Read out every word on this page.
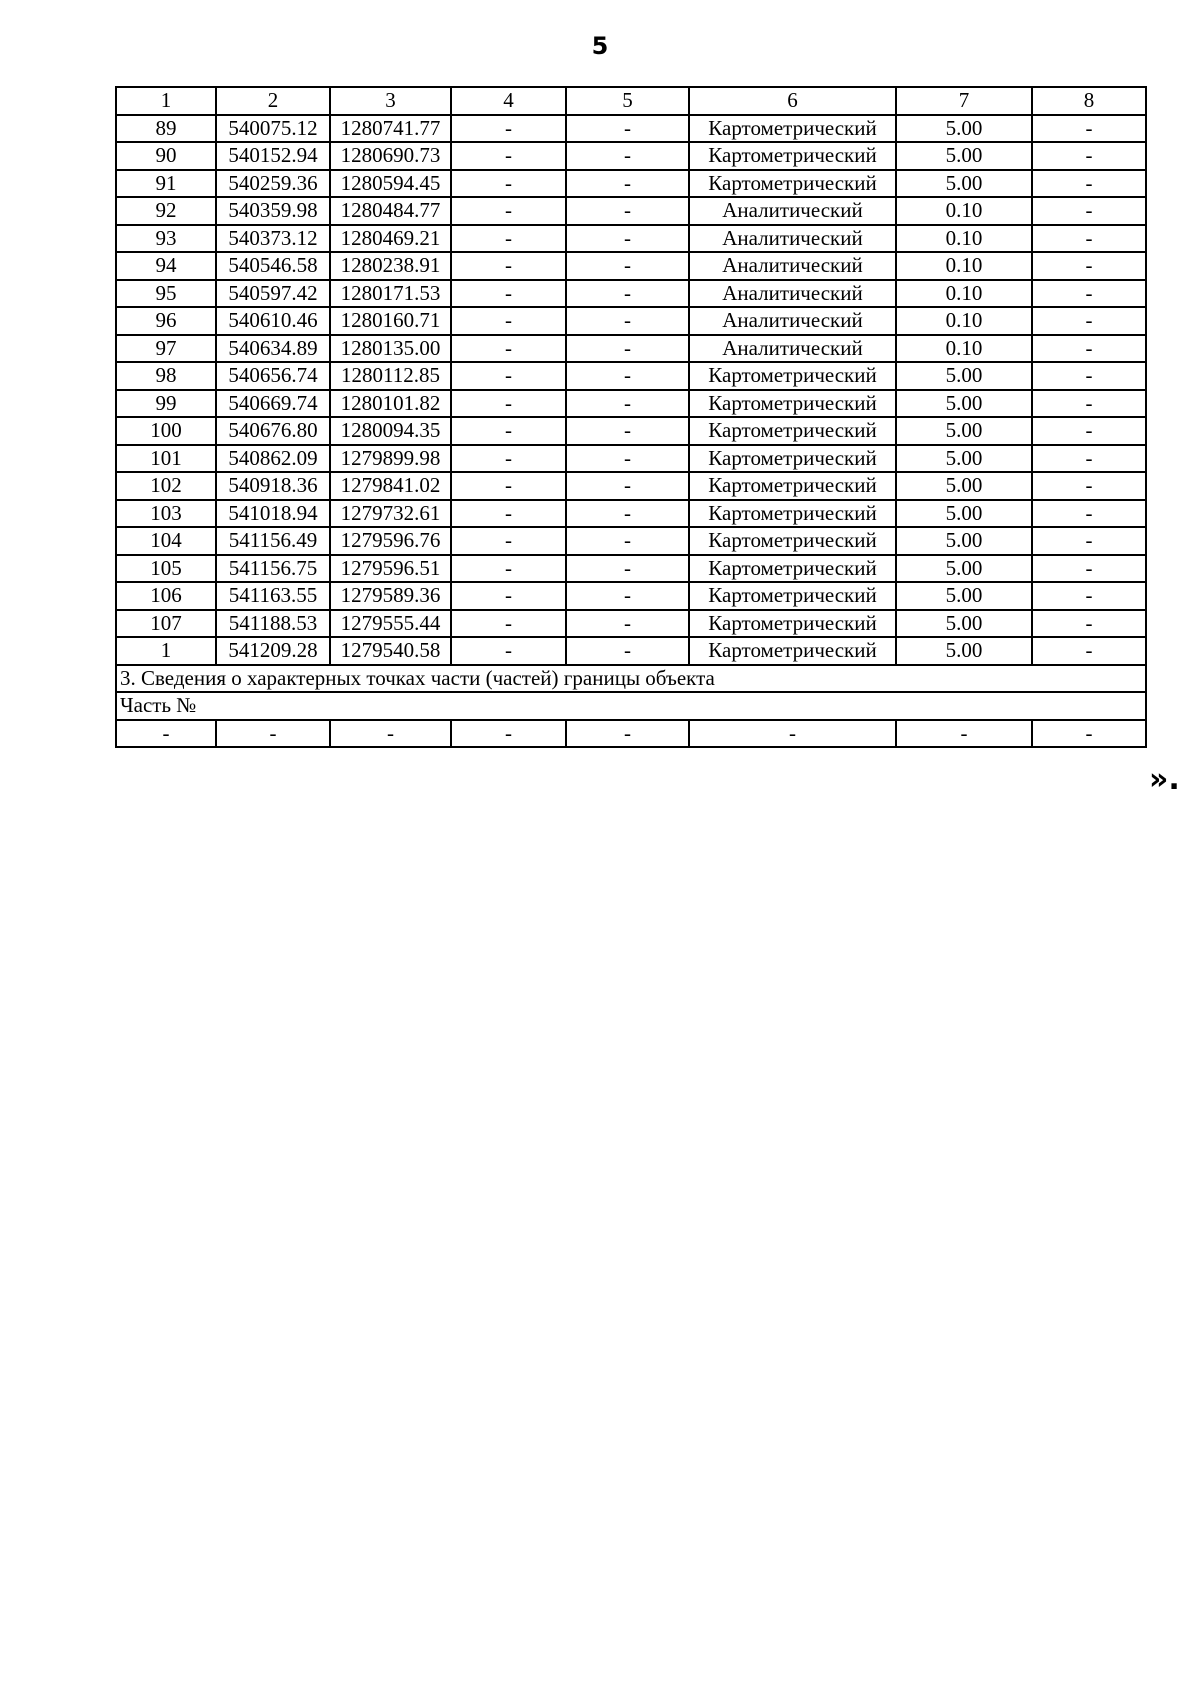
5
1	2	3	4	5	6	7	8
89	540075.12	1280741.77	-	-	Картометрический	5.00	-
90	540152.94	1280690.73	-	-	Картометрический	5.00	-
91	540259.36	1280594.45	-	-	Картометрический	5.00	-
92	540359.98	1280484.77	-	-	Аналитический	0.10	-
93	540373.12	1280469.21	-	-	Аналитический	0.10	-
94	540546.58	1280238.91	-	-	Аналитический	0.10	-
95	540597.42	1280171.53	-	-	Аналитический	0.10	-
96	540610.46	1280160.71	-	-	Аналитический	0.10	-
97	540634.89	1280135.00	-	-	Аналитический	0.10	-
98	540656.74	1280112.85	-	-	Картометрический	5.00	-
99	540669.74	1280101.82	-	-	Картометрический	5.00	-
100	540676.80	1280094.35	-	-	Картометрический	5.00	-
101	540862.09	1279899.98	-	-	Картометрический	5.00	-
102	540918.36	1279841.02	-	-	Картометрический	5.00	-
103	541018.94	1279732.61	-	-	Картометрический	5.00	-
104	541156.49	1279596.76	-	-	Картометрический	5.00	-
105	541156.75	1279596.51	-	-	Картометрический	5.00	-
106	541163.55	1279589.36	-	-	Картометрический	5.00	-
107	541188.53	1279555.44	-	-	Картометрический	5.00	-
1	541209.28	1279540.58	-	-	Картометрический	5.00	-
3. Сведения о характерных точках части (частей) границы объекта							
Часть №							
-	-	-	-	-	-	-	-
».
